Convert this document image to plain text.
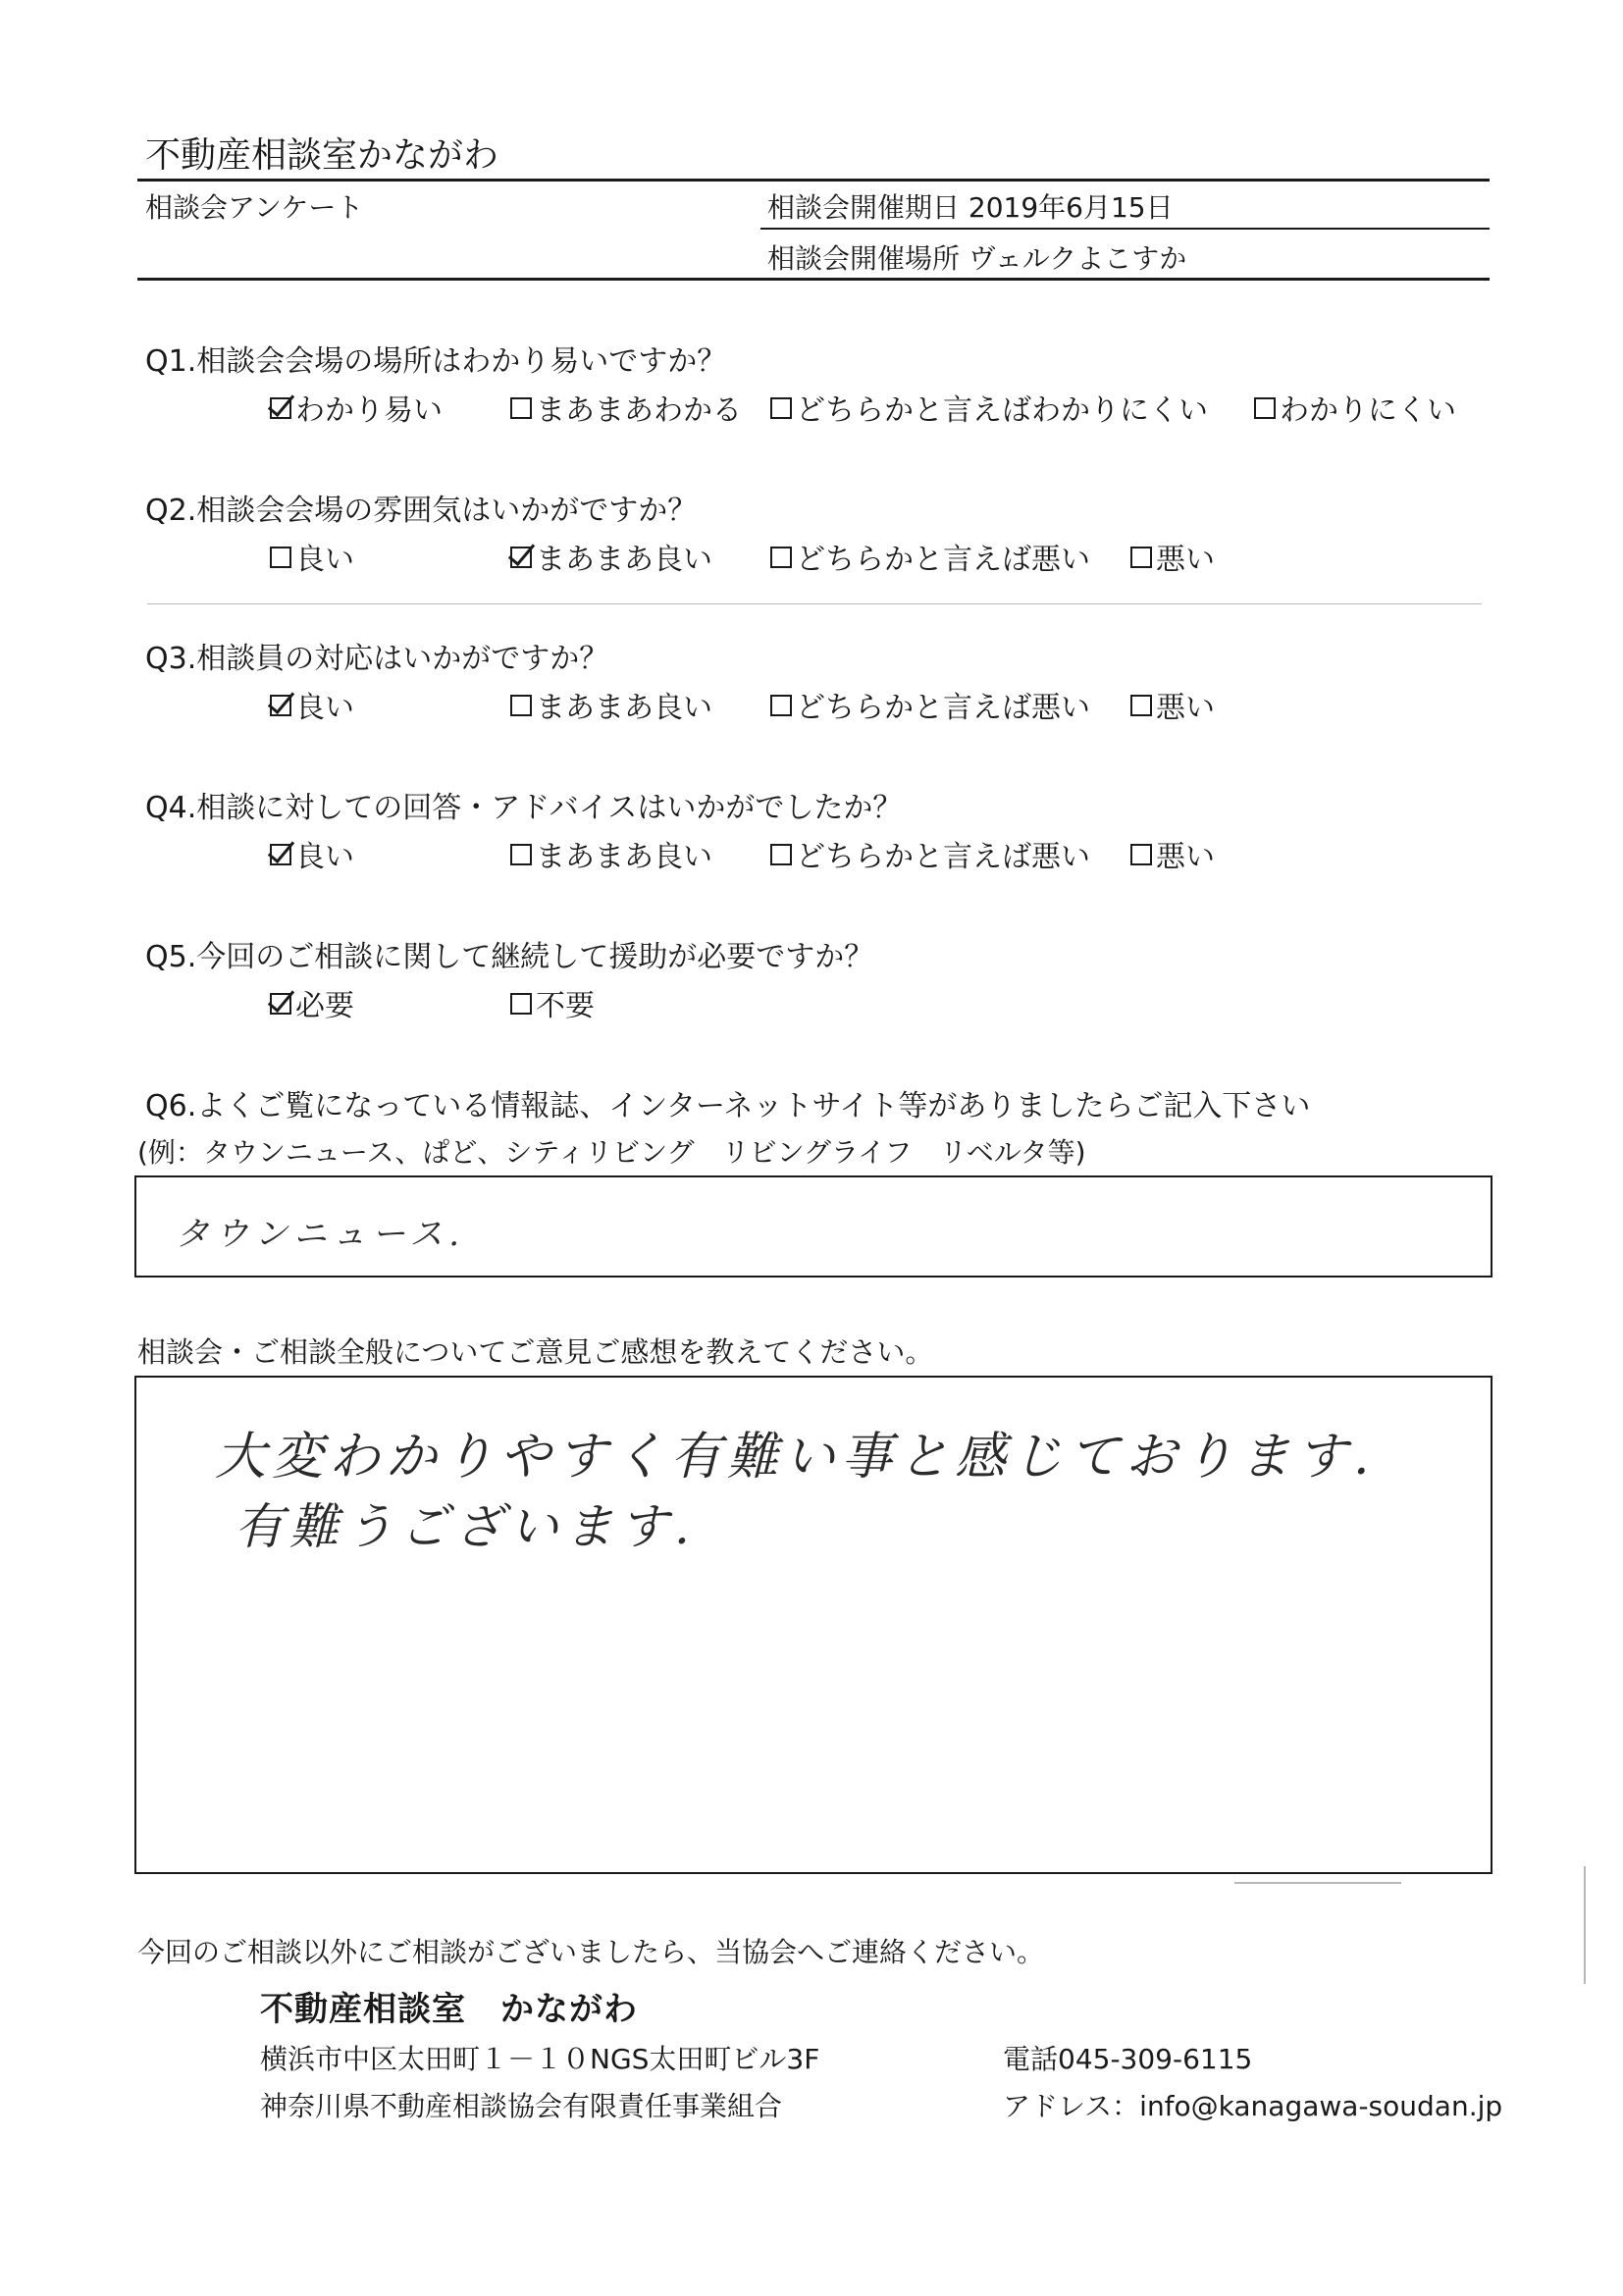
不動産相談室かながわ
相談会アンケート	相談会開催期日 2019年6月15日
相談会開催場所 ヴェルクよこすか
Q1.相談会会場の場所はわかり易いですか？
わかり易い	まあまあわかる どちらかと言えばわかりにくい わかりにくい
Q2.相談会会場の雰囲気はいかがですか？
良い	まあまあ良い	どちらかと言えば悪い 悪い
Q3.相談員の対応はいかがですか？
良い	まあまあ良い	どちらかと言えば悪い 悪い
Q4.相談に対しての回答・アドバイスはいかがでしたか？
良い	まあまあ良い	どちらかと言えば悪い 悪い
Q5.今回のご相談に関して継続して援助が必要ですか？
必要	不要
Q6.よくご覧になっている情報誌、インターネットサイト等がありましたらご記入下さい
(例：タウンニュース、ぱど、シティリビング　リビングライフ　リベルタ等)
タウンニュース.
相談会・ご相談全般についてご意見ご感想を教えてください。
大変わかりやすく有難い事と感じております.
有難うございます.
今回のご相談以外にご相談がございましたら、当協会へご連絡ください。
不動産相談室　かながわ
横浜市中区太田町１－１０NGS太田町ビル3F	電話045-309-6115
神奈川県不動産相談協会有限責任事業組合	アドレス：info@kanagawa-soudan.jp
